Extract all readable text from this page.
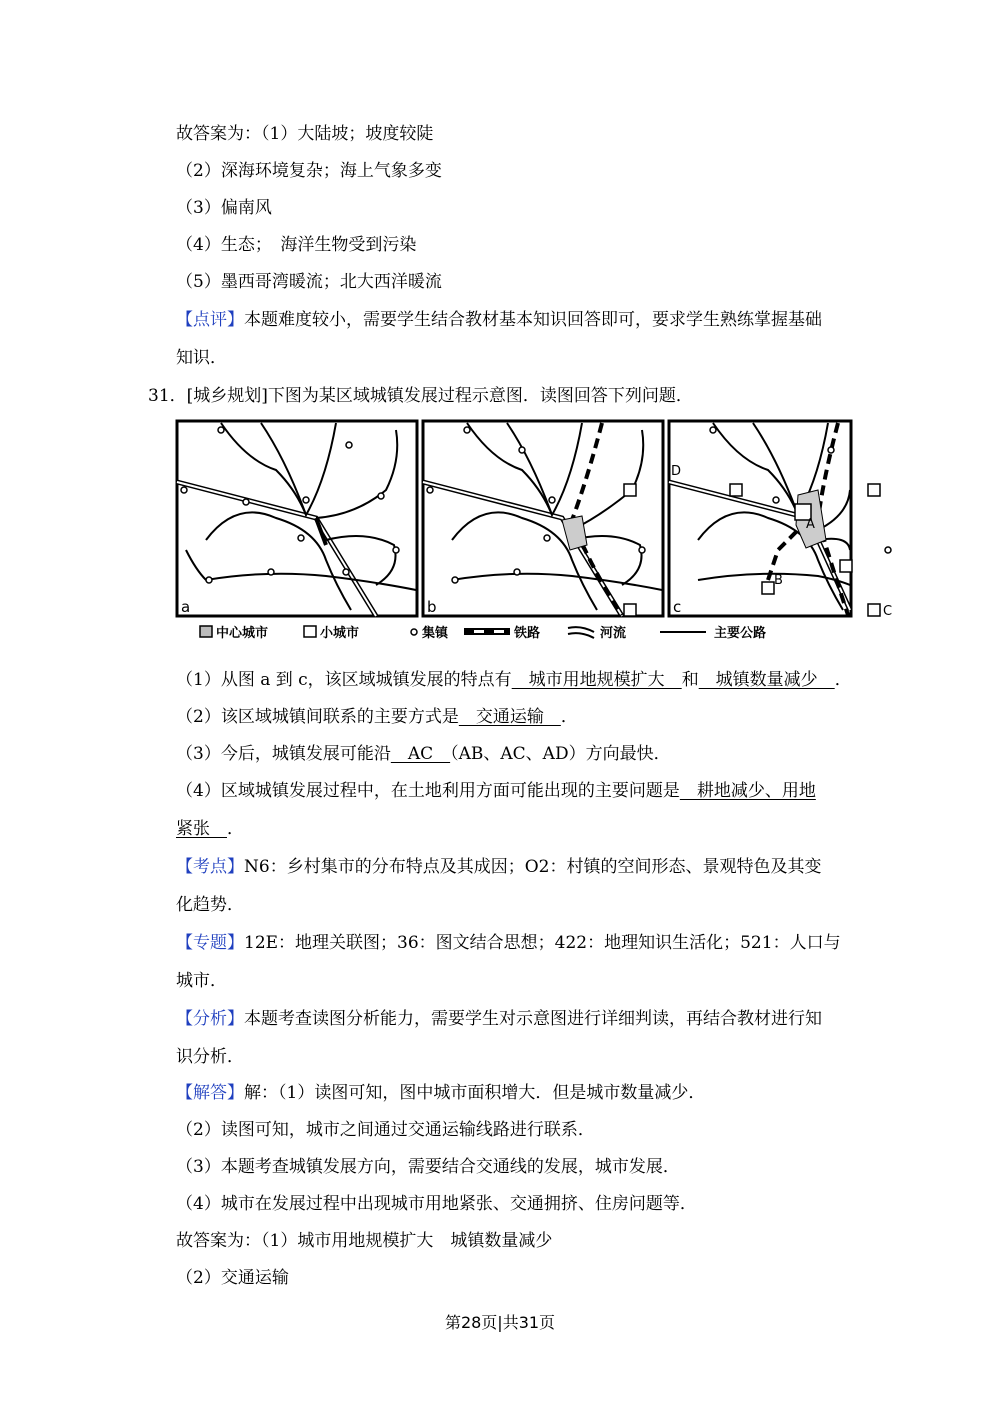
故答案为：（1）大陆坡；坡度较陡
（2）深海环境复杂；海上气象多变
（3）偏南风
（4）生态；　海洋生物受到污染
（5）墨西哥湾暖流；北大西洋暖流
【点评】本题难度较小，需要学生结合教材基本知识回答即可，要求学生熟练掌握基础
知识．
31．[城乡规划]下图为某区域城镇发展过程示意图．读图回答下列问题．
a	b	c
A
B
C
D
中心城市	小城市	集镇	铁路	河流	主要公路
（1）从图 a 到 c，该区域城镇发展的特点有　城市用地规模扩大　和　城镇数量减少　．
（2）该区域城镇间联系的主要方式是　交通运输　．
（3）今后，城镇发展可能沿　AC　（AB、AC、AD）方向最快．
（4）区域城镇发展过程中，在土地利用方面可能出现的主要问题是　耕地减少、用地
紧张　．
【考点】N6：乡村集市的分布特点及其成因；O2：村镇的空间形态、景观特色及其变
化趋势．
【专题】12E：地理关联图；36：图文结合思想；422：地理知识生活化；521：人口与
城市．
【分析】本题考查读图分析能力，需要学生对示意图进行详细判读，再结合教材进行知
识分析．
【解答】解：（1）读图可知，图中城市面积增大．但是城市数量减少．
（2）读图可知，城市之间通过交通运输线路进行联系．
（3）本题考查城镇发展方向，需要结合交通线的发展，城市发展．
（4）城市在发展过程中出现城市用地紧张、交通拥挤、住房问题等．
故答案为：（1）城市用地规模扩大　城镇数量减少
（2）交通运输
第28页|共31页
